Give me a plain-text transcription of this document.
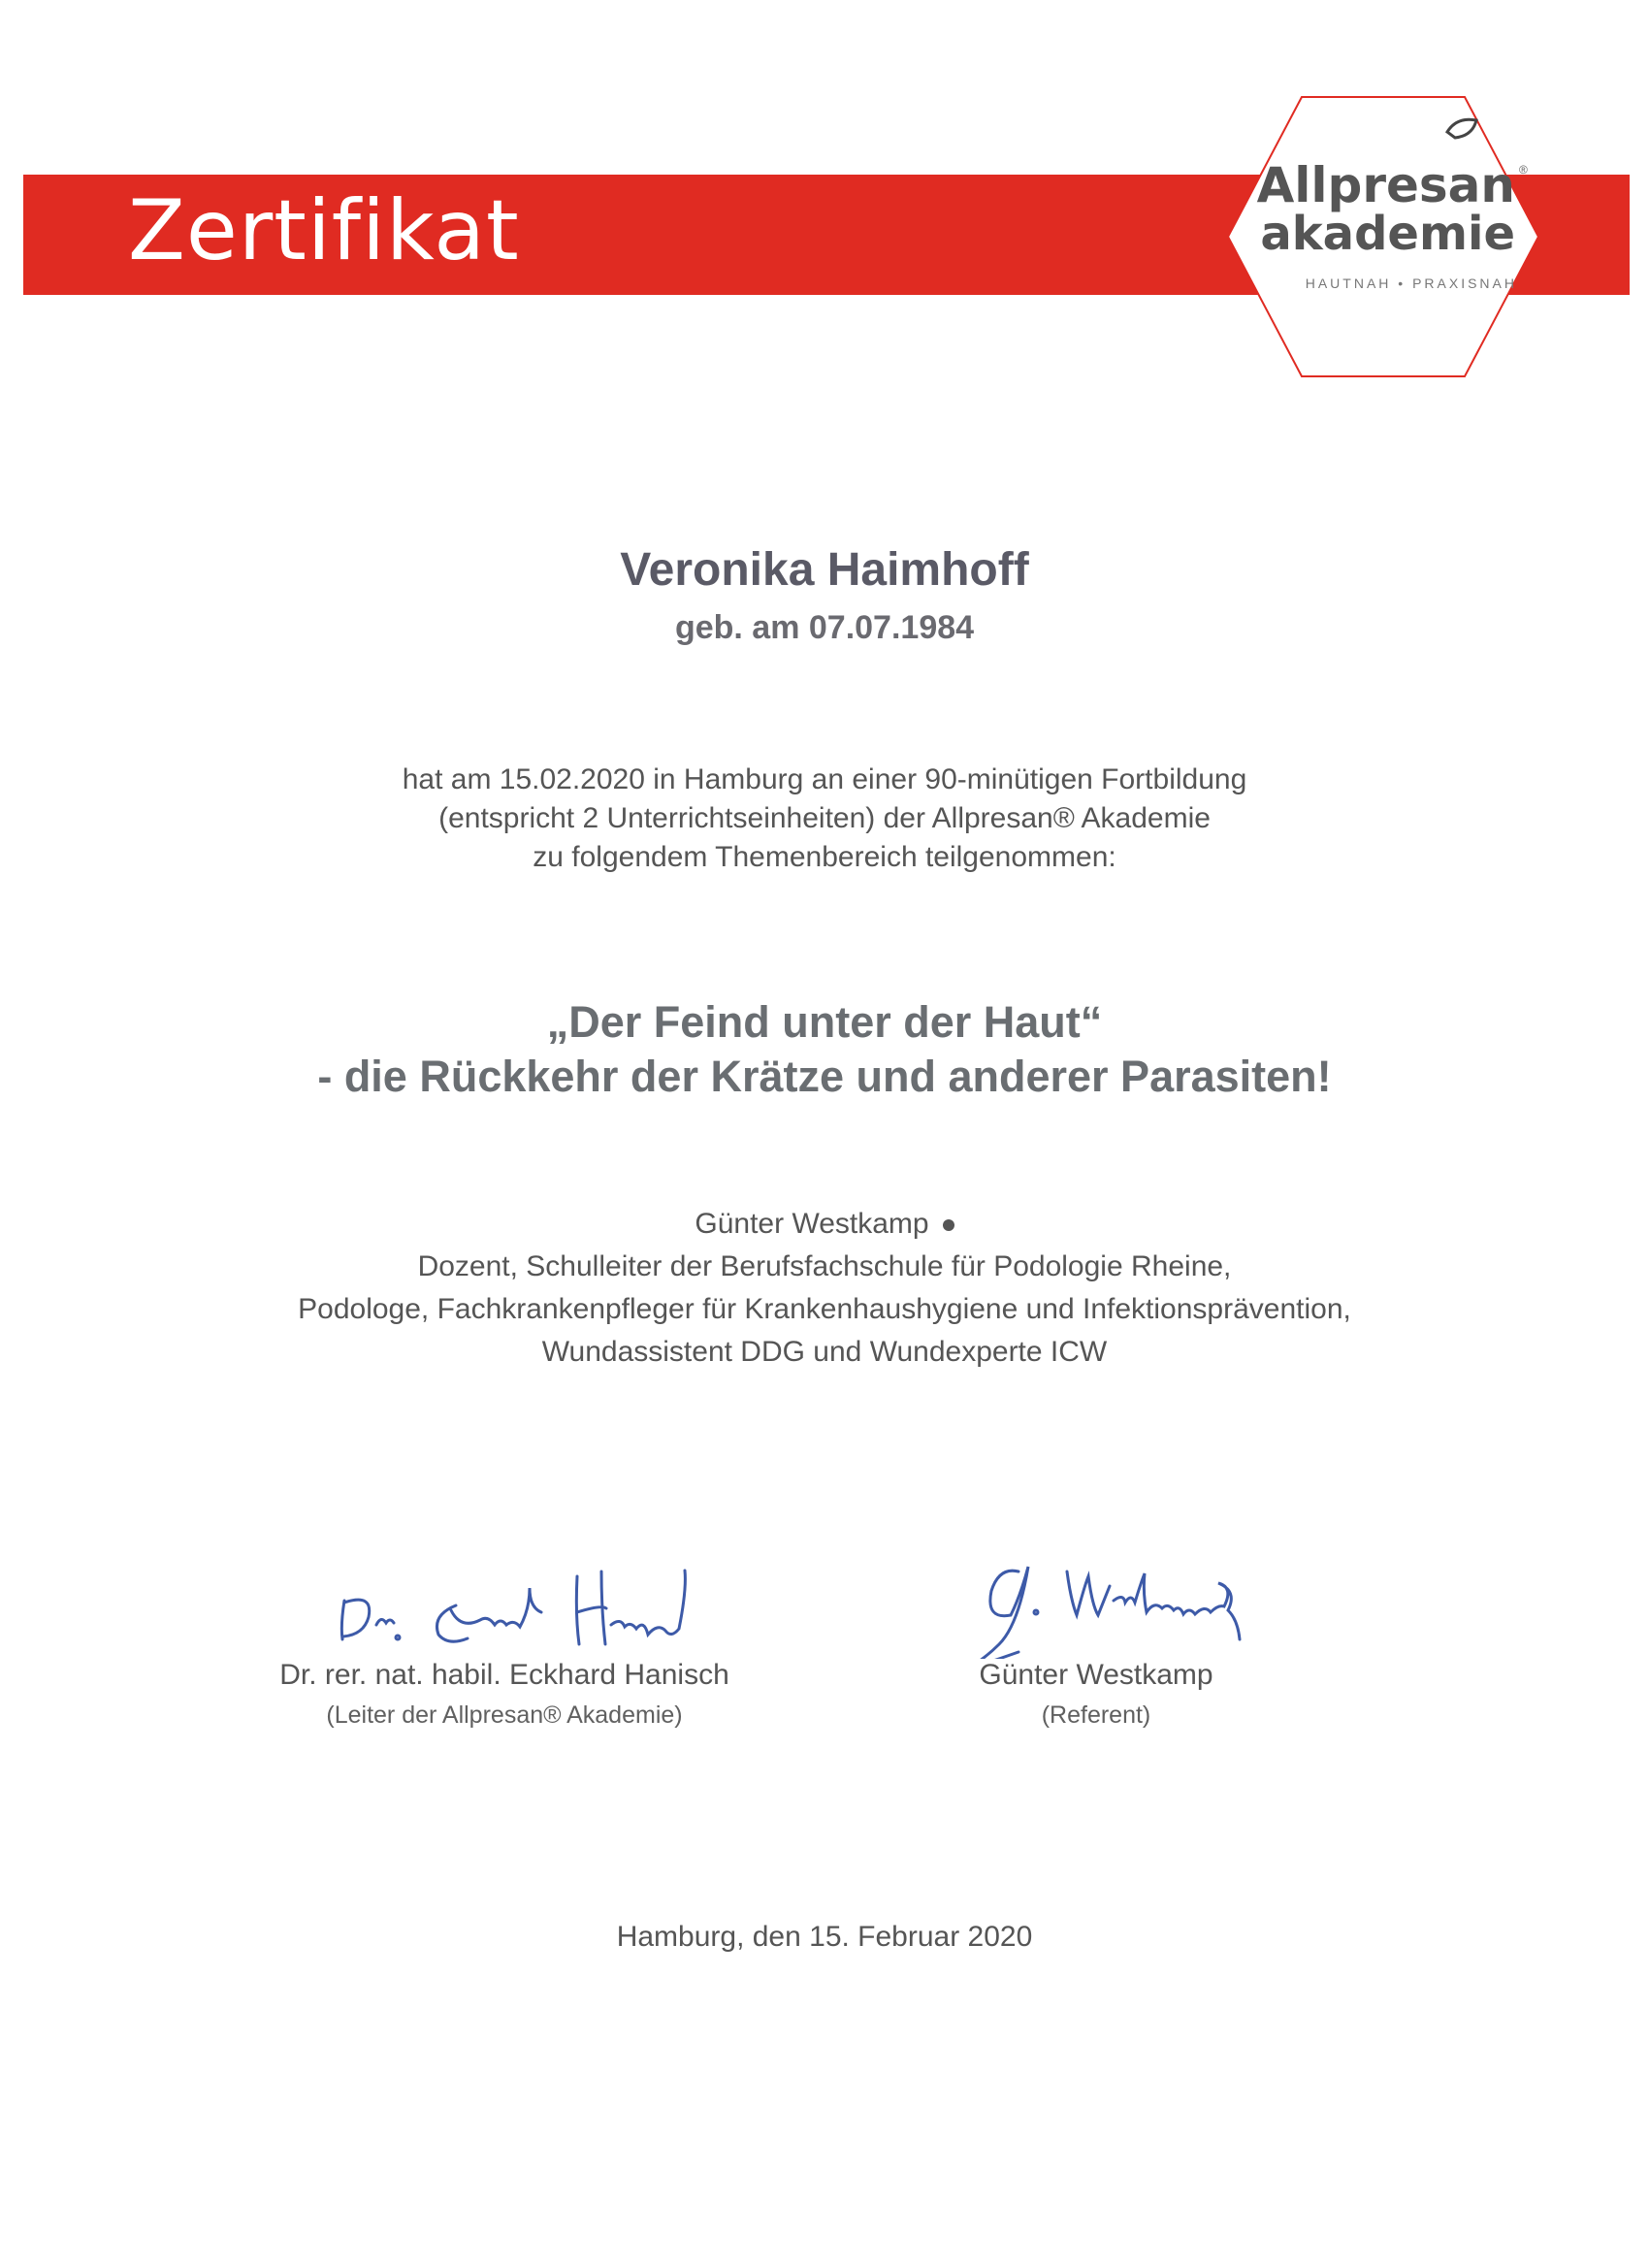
Zertifikat	Allpresan ®
akademie
HAUTNAH • PRAXISNAH
Veronika Haimhoff
geb. am 07.07.1984
hat am 15.02.2020 in Hamburg an einer 90-minütigen Fortbildung
(entspricht 2 Unterrichtseinheiten) der Allpresan® Akademie
zu folgendem Themenbereich teilgenommen:
„Der Feind unter der Haut“
- die Rückkehr der Krätze und anderer Parasiten!
Günter Westkamp
Dozent, Schulleiter der Berufsfachschule für Podologie Rheine,
Podologe, Fachkrankenpfleger für Krankenhaushygiene und Infektionsprävention,
Wundassistent DDG und Wundexperte ICW
Dr. rer. nat. habil. Eckhard Hanisch
(Leiter der Allpresan® Akademie)
Günter Westkamp
(Referent)
Hamburg, den 15. Februar 2020
